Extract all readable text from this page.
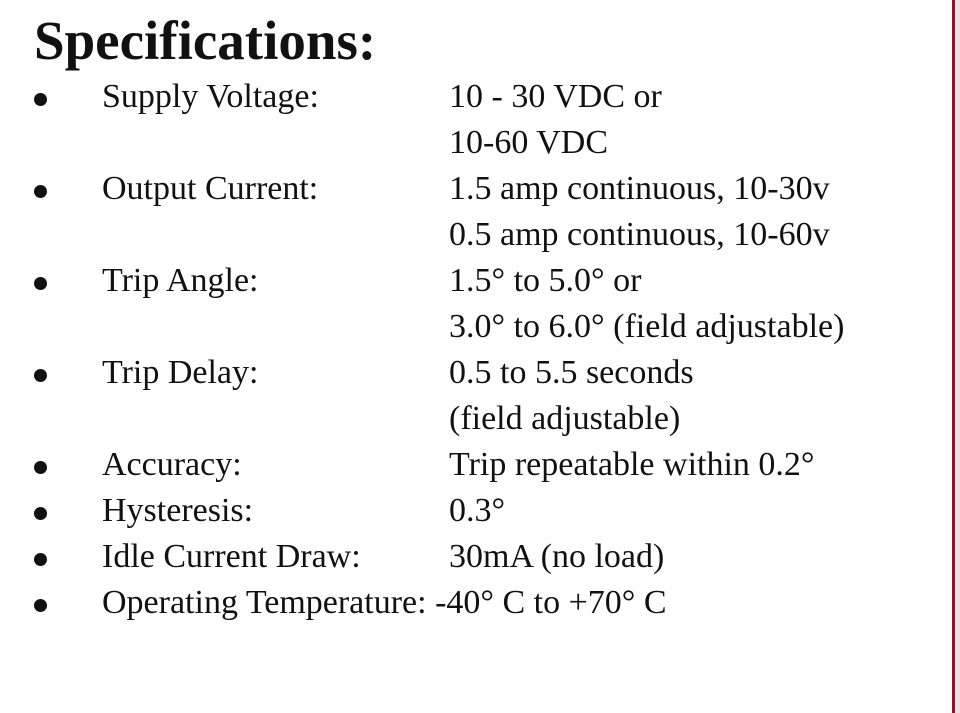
Specifications:
Supply Voltage:	10 - 30 VDC or
10-60 VDC
Output Current:	1.5 amp continuous, 10-30v
0.5 amp continuous, 10-60v
Trip Angle:	1.5° to 5.0° or
3.0° to 6.0° (field adjustable)
Trip Delay:	0.5 to 5.5 seconds
(field adjustable)
Accuracy:	Trip repeatable within 0.2°
Hysteresis:	0.3°
Idle Current Draw:	30mA (no load)
Operating Temperature: -40° C to +70° C
